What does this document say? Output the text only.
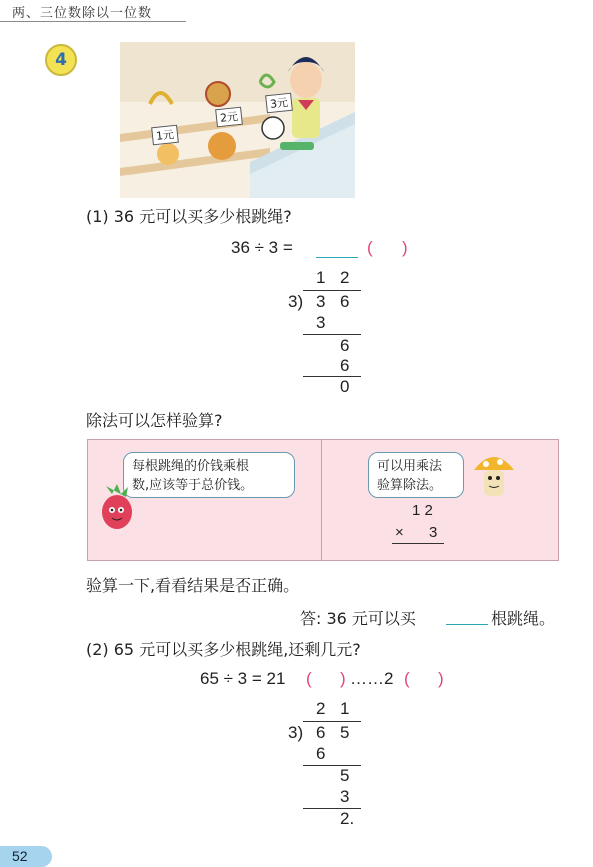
两、三位数除以一位数
4
1元
2元
3元
(1) 36 元可以买多少根跳绳?
36 ÷ 3 =	( )
1 2
3) 3 6
3
6
6
0
除法可以怎样验算?
每根跳绳的价钱乘根
数,应该等于总价钱。
可以用乘法
验算除法。
1 2
× 3
验算一下,看看结果是否正确。
答: 36 元可以买	根跳绳。
(2) 65 元可以买多少根跳绳,还剩几元?
65 ÷ 3 = 21 ( ) ……2 ( )
2 1
3) 6 5
6
5
3
2.
52
